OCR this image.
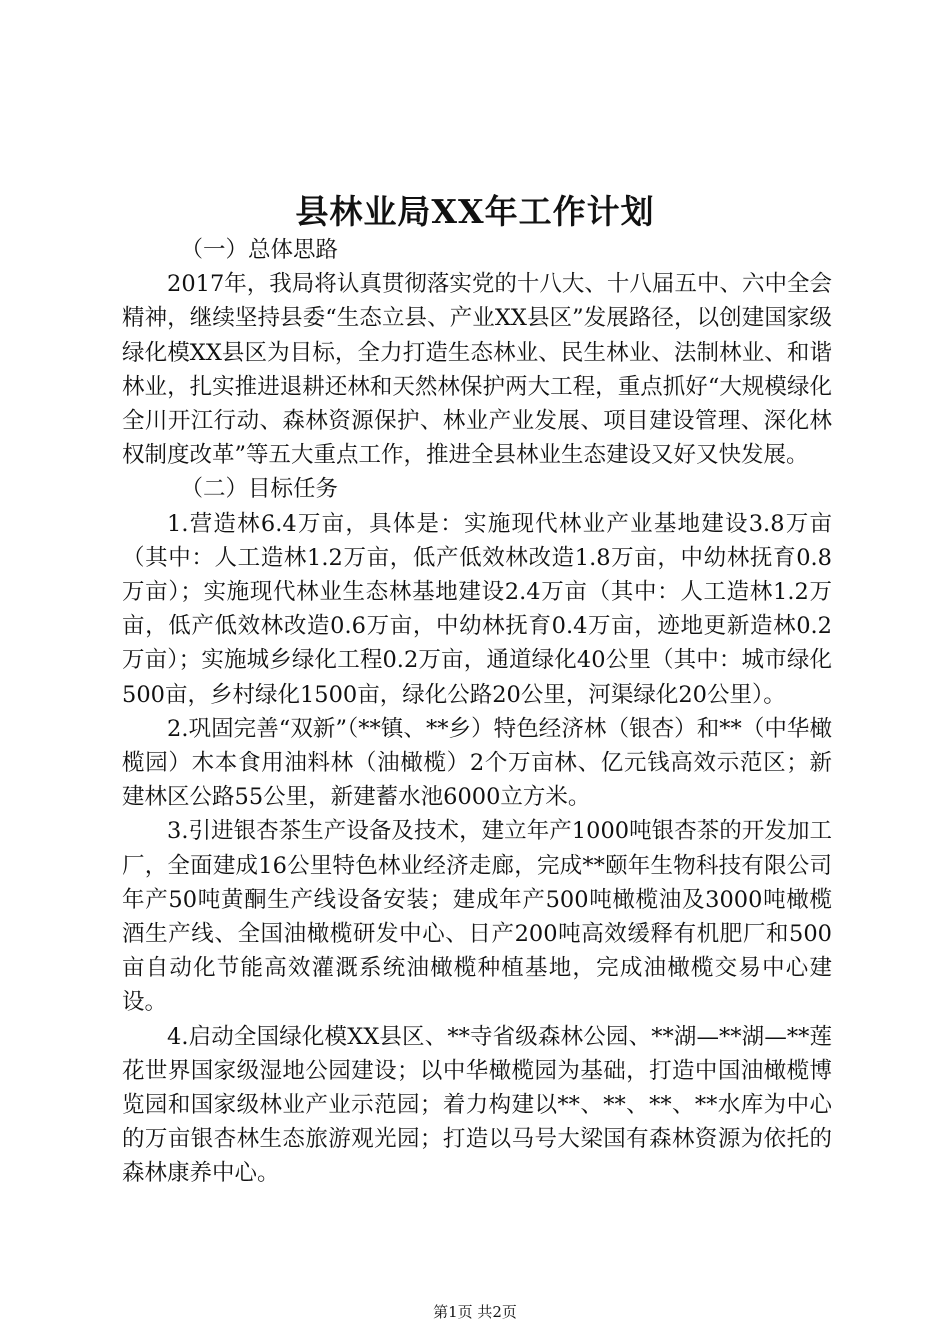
县林业局XX年工作计划

（一）总体思路

2017年，我局将认真贯彻落实党的十八大、十八届五中、六中全会精神，继续坚持县委“生态立县、产业XX县区”发展路径，以创建国家级绿化模XX县区为目标，全力打造生态林业、民生林业、法制林业、和谐林业，扎实推进退耕还林和天然林保护两大工程，重点抓好“大规模绿化全川开江行动、森林资源保护、林业产业发展、项目建设管理、深化林权制度改革”等五大重点工作，推进全县林业生态建设又好又快发展。

（二）目标任务

1.营造林6.4万亩，具体是：实施现代林业产业基地建设3.8万亩（其中：人工造林1.2万亩，低产低效林改造1.8万亩，中幼林抚育0.8万亩）；实施现代林业生态林基地建设2.4万亩（其中：人工造林1.2万亩，低产低效林改造0.6万亩，中幼林抚育0.4万亩，迹地更新造林0.2万亩）；实施城乡绿化工程0.2万亩，通道绿化40公里（其中：城市绿化500亩，乡村绿化1500亩，绿化公路20公里，河渠绿化20公里）。

2.巩固完善“双新”（**镇、**乡）特色经济林（银杏）和**（中华橄榄园）木本食用油料林（油橄榄）2个万亩林、亿元钱高效示范区；新建林区公路55公里，新建蓄水池6000立方米。

3.引进银杏茶生产设备及技术，建立年产1000吨银杏茶的开发加工厂，全面建成16公里特色林业经济走廊，完成**颐年生物科技有限公司年产50吨黄酮生产线设备安装；建成年产500吨橄榄油及3000吨橄榄酒生产线、全国油橄榄研发中心、日产200吨高效缓释有机肥厂和500亩自动化节能高效灌溉系统油橄榄种植基地，完成油橄榄交易中心建设。

4.启动全国绿化模XX县区、**寺省级森林公园、**湖—**湖—**莲花世界国家级湿地公园建设；以中华橄榄园为基础，打造中国油橄榄博览园和国家级林业产业示范园；着力构建以**、**、**、**水库为中心的万亩银杏林生态旅游观光园；打造以马号大梁国有森林资源为依托的森林康养中心。

第1页 共2页
